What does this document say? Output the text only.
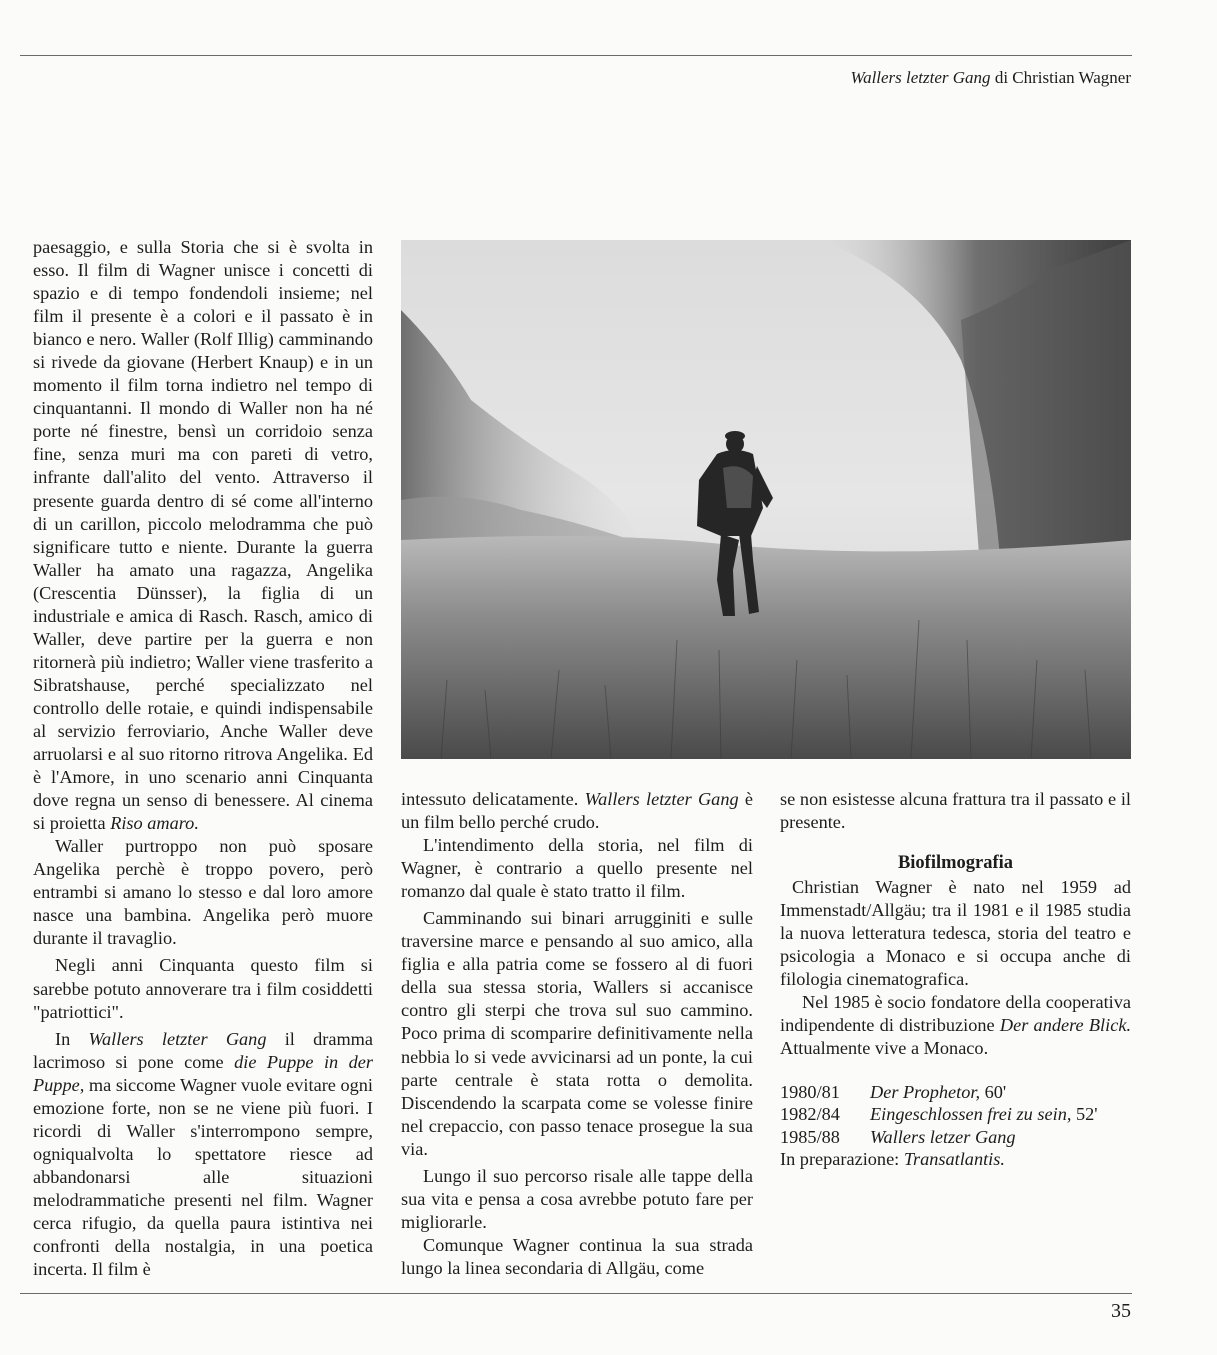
Wallers letzter Gang di Christian Wagner

paesaggio, e sulla Storia che si è svolta in esso. Il film di Wagner unisce i concetti di spazio e di tempo fondendoli insieme; nel film il presente è a colori e il passato è in bianco e nero. Waller (Rolf Illig) camminando si rivede da giovane (Herbert Knaup) e in un momento il film torna indietro nel tempo di cinquantanni. Il mondo di Waller non ha né porte né finestre, bensì un corridoio senza fine, senza muri ma con pareti di vetro, infrante dall'alito del vento. Attraverso il presente guarda dentro di sé come all'interno di un carillon, piccolo melodramma che può significare tutto e niente. Durante la guerra Waller ha amato una ragazza, Angelika (Crescentia Dünsser), la figlia di un industriale e amica di Rasch. Rasch, amico di Waller, deve partire per la guerra e non ritornerà più indietro; Waller viene trasferito a Sibratshause, perché specializzato nel controllo delle rotaie, e quindi indispensabile al servizio ferroviario, Anche Waller deve arruolarsi e al suo ritorno ritrova Angelika. Ed è l'Amore, in uno scenario anni Cinquanta dove regna un senso di benessere. Al cinema si proietta Riso amaro.

Waller purtroppo non può sposare Angelika perchè è troppo povero, però entrambi si amano lo stesso e dal loro amore nasce una bambina. Angelika però muore durante il travaglio.

Negli anni Cinquanta questo film si sarebbe potuto annoverare tra i film cosiddetti "patriottici".

In Wallers letzter Gang il dramma lacrimoso si pone come die Puppe in der Puppe, ma siccome Wagner vuole evitare ogni emozione forte, non se ne viene più fuori. I ricordi di Waller s'interrompono sempre, ogniqualvolta lo spettatore riesce ad abbandonarsi alle situazioni melodrammatiche presenti nel film. Wagner cerca rifugio, da quella paura istintiva nei confronti della nostalgia, in una poetica incerta. Il film è

intessuto delicatamente. Wallers letzter Gang è un film bello perché crudo.

L'intendimento della storia, nel film di Wagner, è contrario a quello presente nel romanzo dal quale è stato tratto il film.

Camminando sui binari arrugginiti e sulle traversine marce e pensando al suo amico, alla figlia e alla patria come se fossero al di fuori della sua stessa storia, Wallers si accanisce contro gli sterpi che trova sul suo cammino. Poco prima di scomparire definitivamente nella nebbia lo si vede avvicinarsi ad un ponte, la cui parte centrale è stata rotta o demolita. Discendendo la scarpata come se volesse finire nel crepaccio, con passo tenace prosegue la sua via.

Lungo il suo percorso risale alle tappe della sua vita e pensa a cosa avrebbe potuto fare per migliorarle.

Comunque Wagner continua la sua strada lungo la linea secondaria di Allgäu, come

se non esistesse alcuna frattura tra il passato e il presente.

Biofilmografia

Christian Wagner è nato nel 1959 ad Immenstadt/Allgäu; tra il 1981 e il 1985 studia la nuova letteratura tedesca, storia del teatro e psicologia a Monaco e si occupa anche di filologia cinematografica.

Nel 1985 è socio fondatore della cooperativa indipendente di distribuzione Der andere Blick. Attualmente vive a Monaco.

1980/81	Der Prophetor, 60'
1982/84	Eingeschlossen frei zu sein, 52'
1985/88	Wallers letzer Gang
In preparazione:
Transatlantis.
35
